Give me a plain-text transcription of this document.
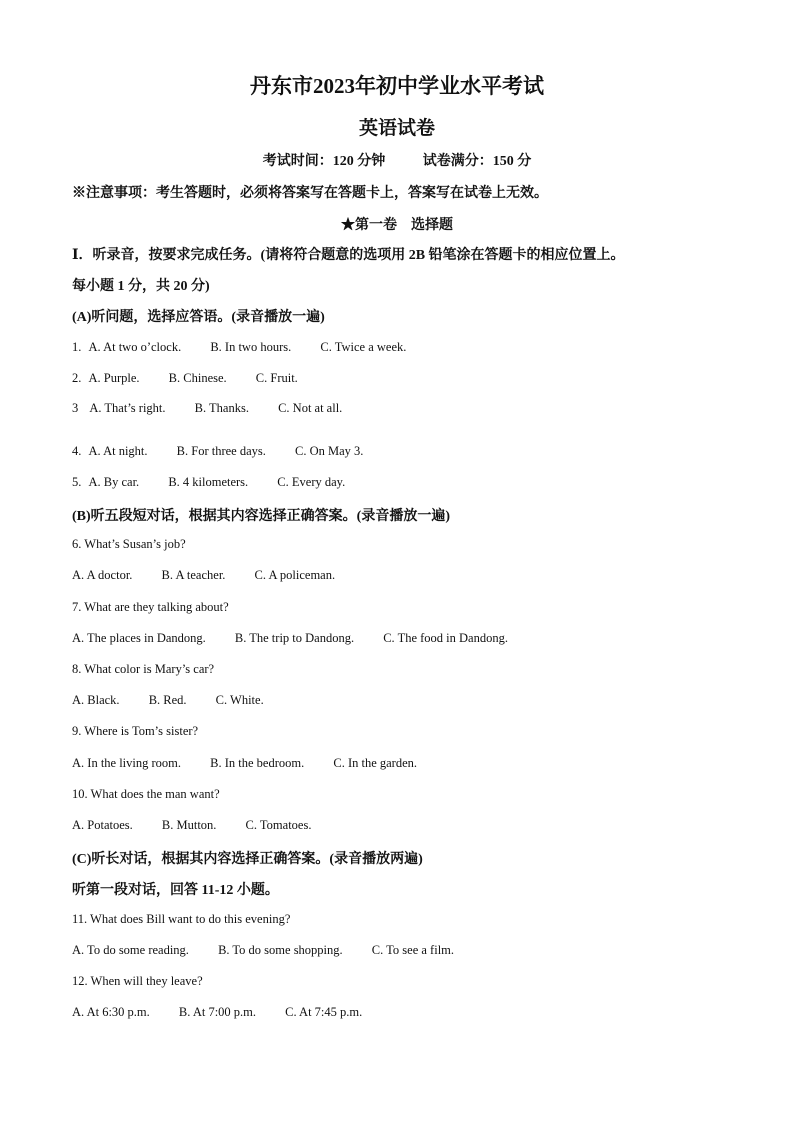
丹东市2023年初中学业水平考试
英语试卷
考试时间：120 分钟	试卷满分：150 分
※注意事项：考生答题时，必须将答案写在答题卡上，答案写在试卷上无效。
★第一卷　选择题
Ⅰ．听录音，按要求完成任务。(请将符合题意的选项用 2B 铅笔涂在答题卡的相应位置上。
每小题 1 分，共 20 分)
(A)听问题，选择应答语。(录音播放一遍)
1. A. At two o’clock. B. In two hours. C. Twice a week.
2. A. Purple. B. Chinese. C. Fruit.
3 A. That’s right. B. Thanks. C. Not at all.
4. A. At night. B. For three days. C. On May 3.
5. A. By car. B. 4 kilometers. C. Every day.
(B)听五段短对话，根据其内容选择正确答案。(录音播放一遍)
6. What’s Susan’s job?
A. A doctor. B. A teacher. C. A policeman.
7. What are they talking about?
A. The places in Dandong. B. The trip to Dandong. C. The food in Dandong.
8. What color is Mary’s car?
A. Black. B. Red. C. White.
9. Where is Tom’s sister?
A. In the living room. B. In the bedroom. C. In the garden.
10. What does the man want?
A. Potatoes. B. Mutton. C. Tomatoes.
(C)听长对话，根据其内容选择正确答案。(录音播放两遍)
听第一段对话，回答 11-12 小题。
11. What does Bill want to do this evening?
A. To do some reading. B. To do some shopping. C. To see a film.
12. When will they leave?
A. At 6:30 p.m. B. At 7:00 p.m. C. At 7:45 p.m.
